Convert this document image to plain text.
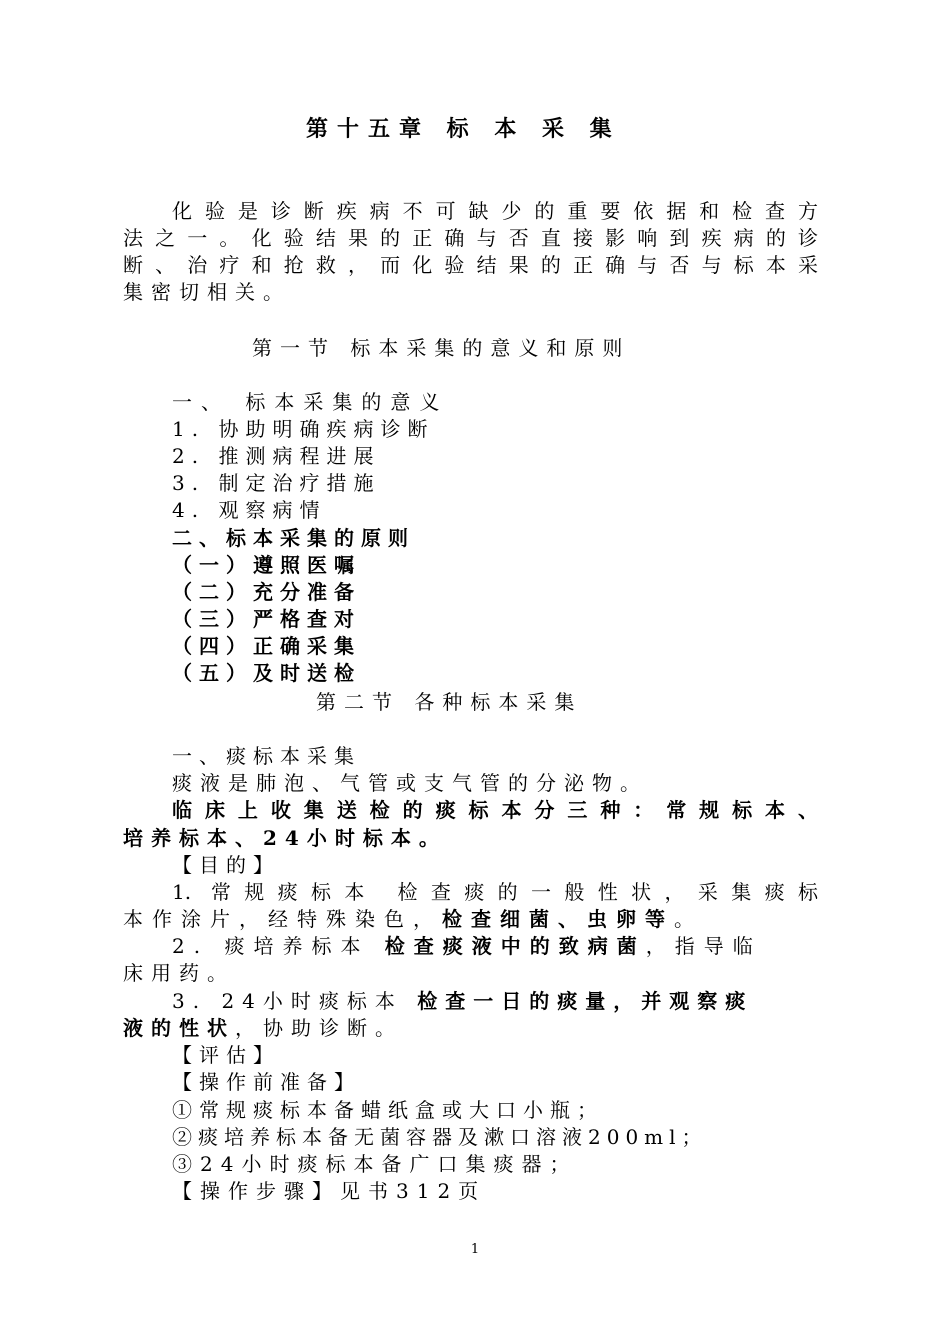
第十五章 标 本 采 集
化验是诊断疾病不可缺少的重要依据和检查方
法之一。化验结果的正确与否直接影响到疾病的诊
断、治疗和抢救，而化验结果的正确与否与标本采
集密切相关。
第一节 标本采集的意义和原则
一、 标本采集的意义
1. 协助明确疾病诊断
2. 推测病程进展
3. 制定治疗措施
4. 观察病情
二、标本采集的原则
（一）遵照医嘱
（二）充分准备
（三）严格查对
（四）正确采集
（五）及时送检
第二节 各种标本采集
一、痰标本采集
痰液是肺泡、气管或支气管的分泌物。
临床上收集送检的痰标本分三种：常规标本、
培养标本、24小时标本。
【目的】
1. 常规痰标本 检查痰的一般性状，采集痰标
本作涂片，经特殊染色，检查细菌、虫卵等。
2. 痰培养标本 检查痰液中的致病菌，指导临
床用药。
3. 24小时痰标本 检查一日的痰量，并观察痰
液的性状，协助诊断。
【评估】
【操作前准备】
①常规痰标本备蜡纸盒或大口小瓶；
②痰培养标本备无菌容器及漱口溶液200ml；
③24小时痰标本备广口集痰器；
【操作步骤】见书312页
1
